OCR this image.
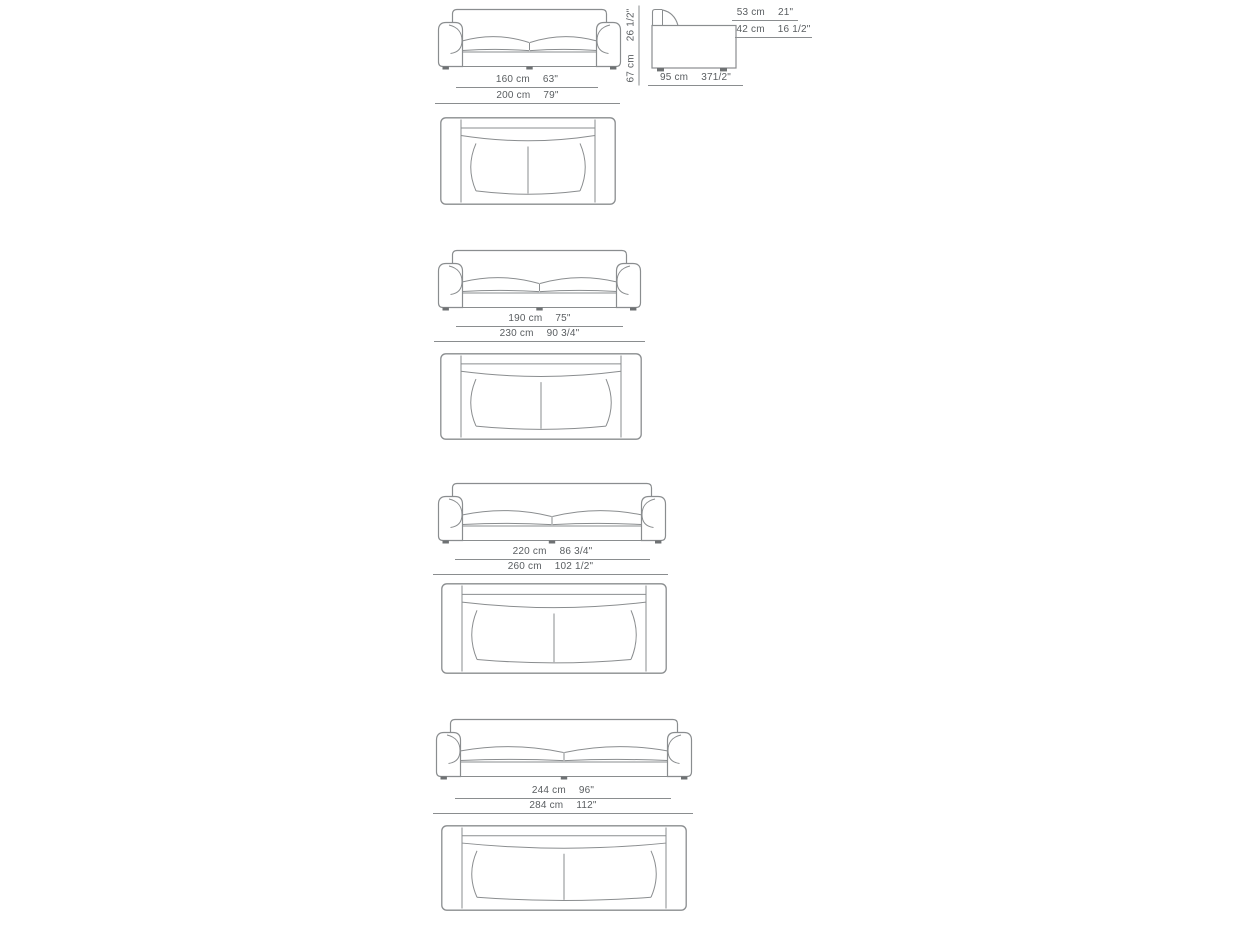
160 cm 63"
200 cm 79"
67 cm
26 1/2"	53 cm 21"
42 cm 16 1/2"
95 cm 371/2"
190 cm 75"
230 cm 90 3/4"
220 cm 86 3/4"
260 cm 102 1/2"
244 cm 96"
284 cm 112"
